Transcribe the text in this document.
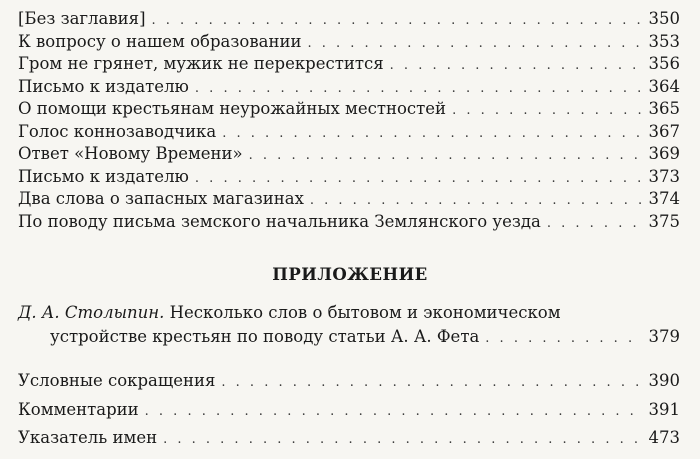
[Без заглавия] . . .	350
К вопросу о нашем образовании . . .	353
Гром не грянет, мужик не перекрестится . . .	356
Письмо к издателю . . .	364
О помощи крестьянам неурожайных местностей . . .	365
Голос коннозаводчика . . .	367
Ответ «Новому Времени» . . .	369
Письмо к издателю . . .	373
Два слова о запасных магазинах . . .	374
По поводу письма земского начальника Землянского уезда . . .	375
ПРИЛОЖЕНИЕ
Д. А. Столыпин. Несколько слов о бытовом и экономическом
устройстве крестьян по поводу статьи А. А. Фета . . .	379
Условные сокращения . . .	390
Комментарии . . .	391
Указатель имен . . .	473
